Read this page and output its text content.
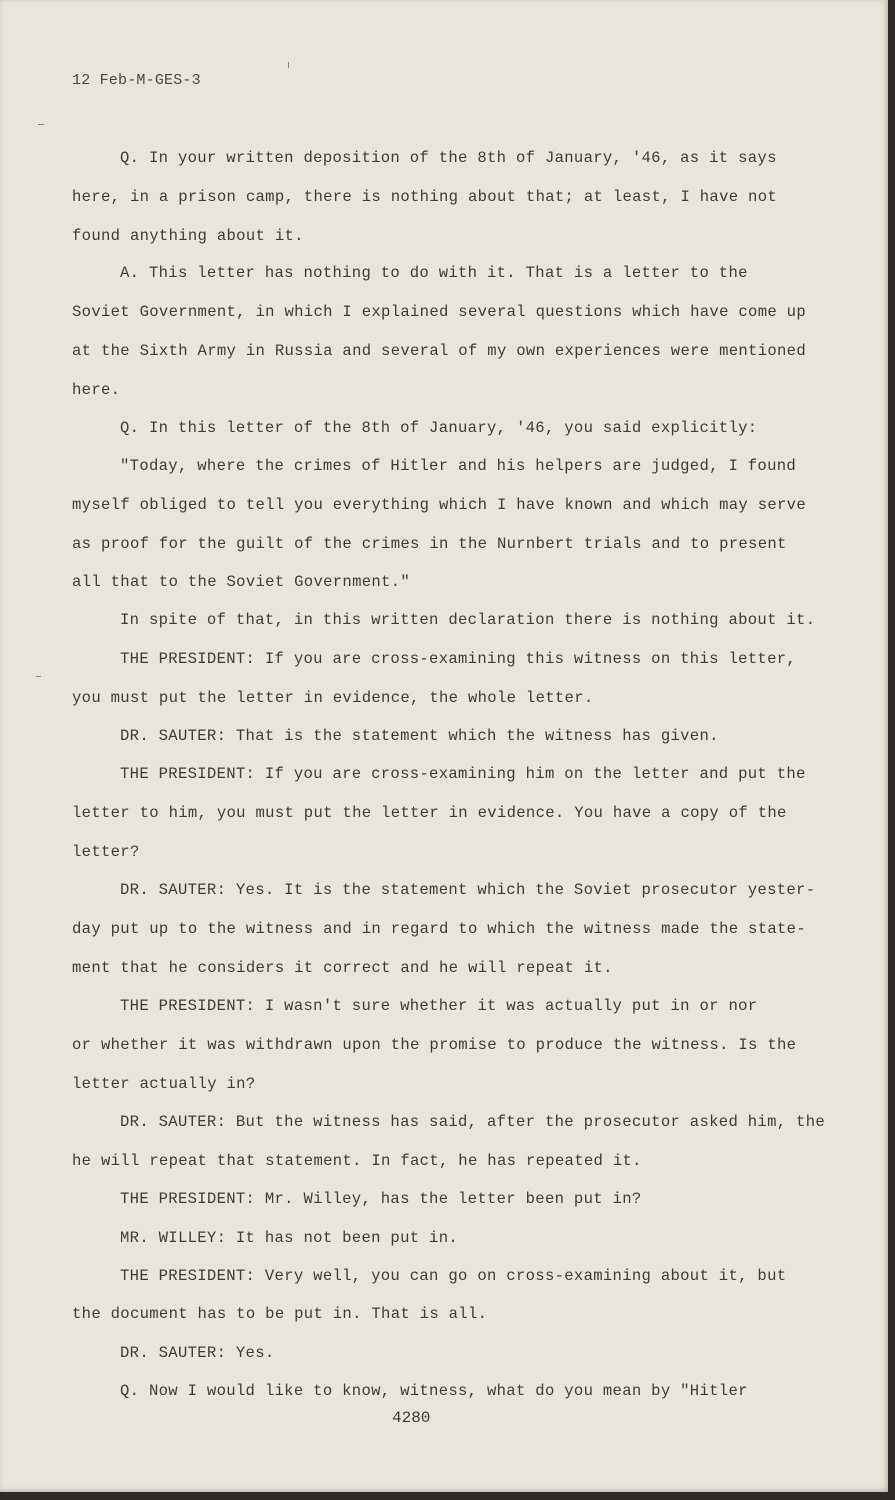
12 Feb-M-GES-3
Q. In your written deposition of the 8th of January, '46, as it says
here, in a prison camp, there is nothing about that; at least, I have not
found anything about it.
A. This letter has nothing to do with it. That is a letter to the
Soviet Government, in which I explained several questions which have come up
at the Sixth Army in Russia and several of my own experiences were mentioned
here.
Q. In this letter of the 8th of January, '46, you said explicitly:
"Today, where the crimes of Hitler and his helpers are judged, I found
myself obliged to tell you everything which I have known and which may serve
as proof for the guilt of the crimes in the Nurnbert trials and to present
all that to the Soviet Government."
In spite of that, in this written declaration there is nothing about it.
THE PRESIDENT: If you are cross-examining this witness on this letter,
you must put the letter in evidence, the whole letter.
DR. SAUTER: That is the statement which the witness has given.
THE PRESIDENT: If you are cross-examining him on the letter and put the
letter to him, you must put the letter in evidence. You have a copy of the
letter?
DR. SAUTER: Yes. It is the statement which the Soviet prosecutor yester-
day put up to the witness and in regard to which the witness made the state-
ment that he considers it correct and he will repeat it.
THE PRESIDENT: I wasn't sure whether it was actually put in or nor
or whether it was withdrawn upon the promise to produce the witness. Is the
letter actually in?
DR. SAUTER: But the witness has said, after the prosecutor asked him, the
he will repeat that statement. In fact, he has repeated it.
THE PRESIDENT: Mr. Willey, has the letter been put in?
MR. WILLEY: It has not been put in.
THE PRESIDENT: Very well, you can go on cross-examining about it, but
the document has to be put in. That is all.
DR. SAUTER: Yes.
Q. Now I would like to know, witness, what do you mean by "Hitler
4280
